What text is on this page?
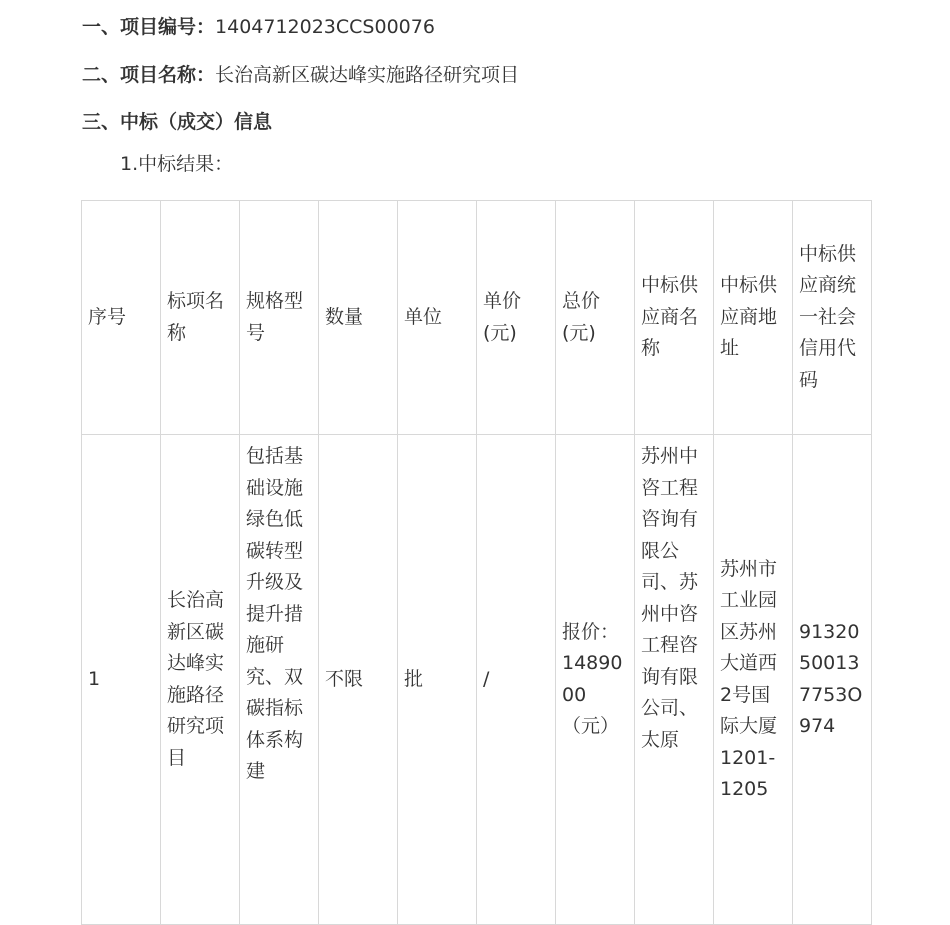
一、项目编号：1404712023CCS00076
二、项目名称：长治高新区碳达峰实施路径研究项目
三、中标（成交）信息
1.中标结果：
序号	标项名称	规格型号	数量	单位	单价(元)	总价(元)	中标供应商名称	中标供应商地址	中标供应商统一社会信用代码
1	长治高新区碳达峰实施路径研究项目	包括基础设施绿色低碳转型升级及提升措施研究、双碳指标体系构建	不限	批	/	报价：1489000（元）	苏州中咨工程咨询有限公司、苏州中咨工程咨询有限公司、太原	苏州市工业园区苏州大道西2号国际大厦1201-1205	91320500137753O974
